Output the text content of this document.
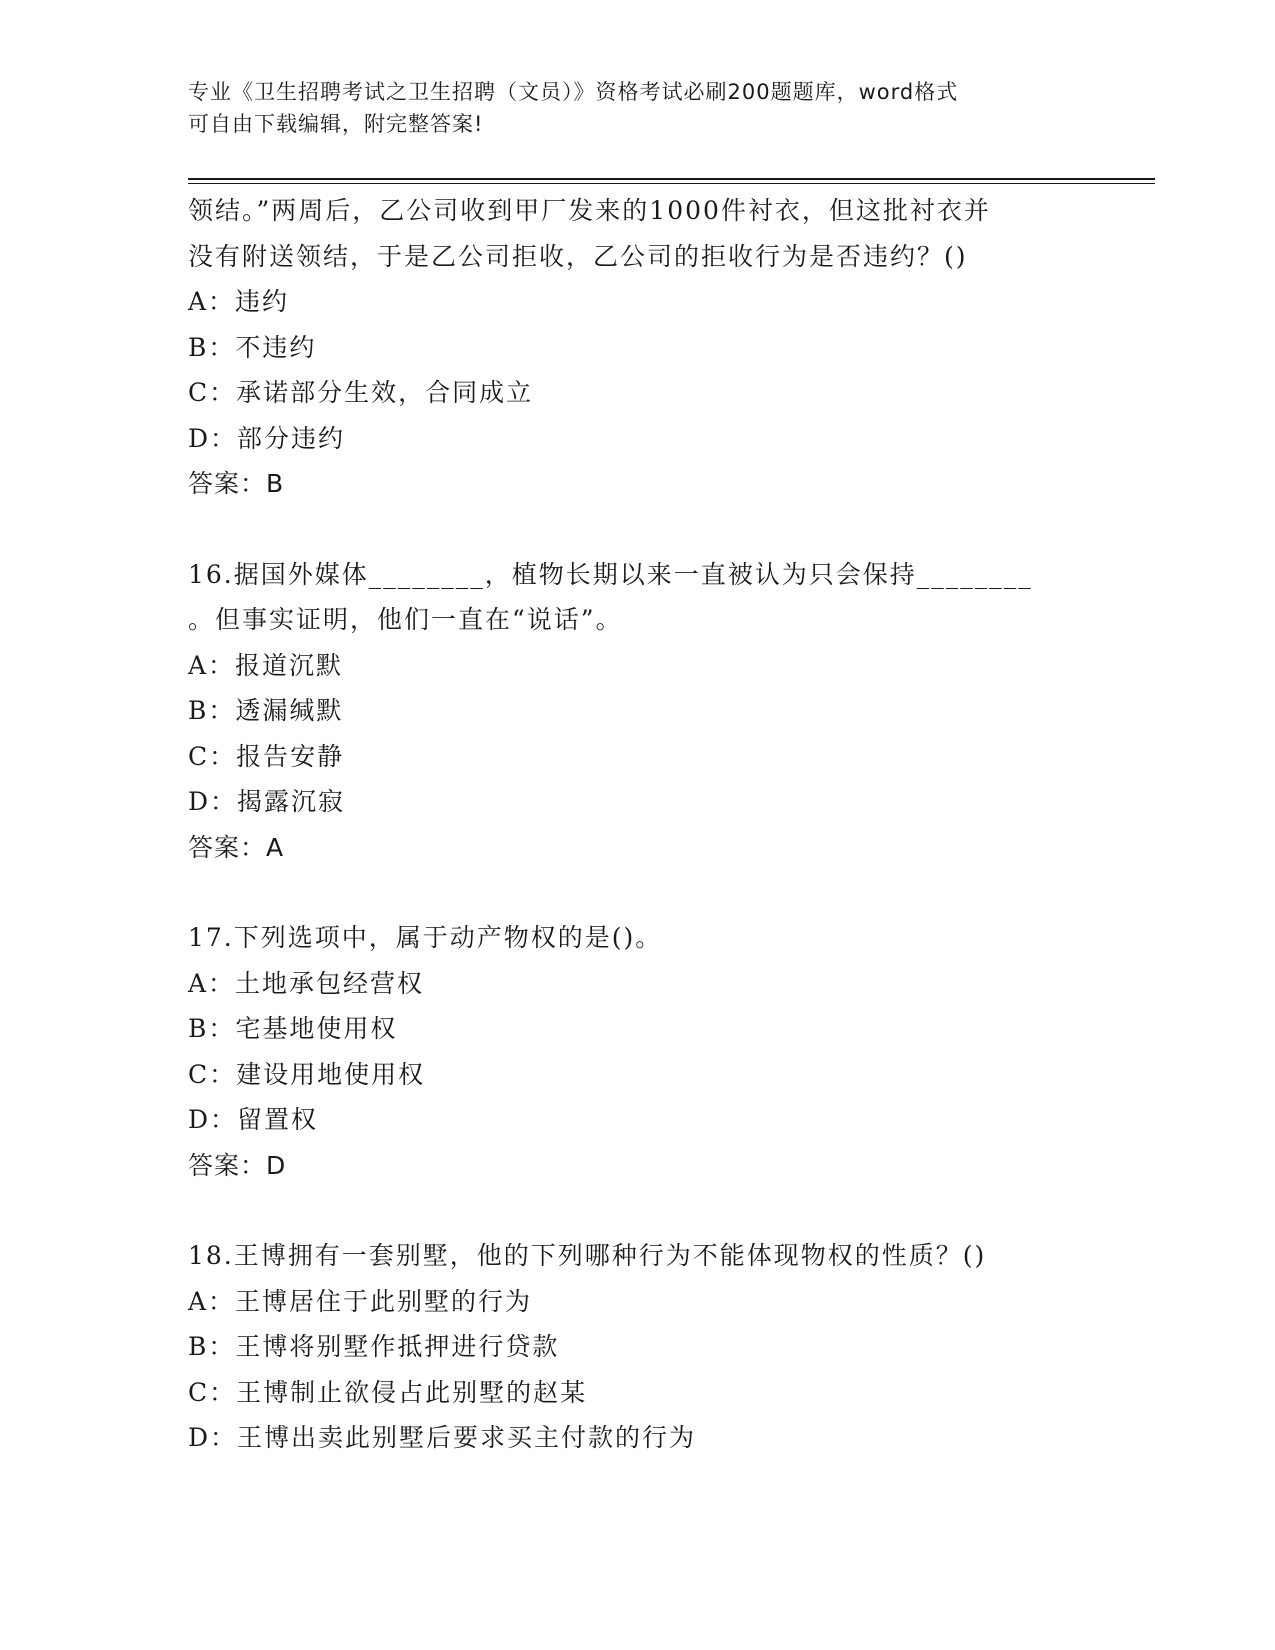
专业《卫生招聘考试之卫生招聘（文员）》资格考试必刷200题题库，word格式
可自由下载编辑，附完整答案!
领结。”两周后，乙公司收到甲厂发来的1000件衬衣，但这批衬衣并
没有附送领结，于是乙公司拒收，乙公司的拒收行为是否违约？()
A：违约
B：不违约
C：承诺部分生效，合同成立
D：部分违约
答案：B
16.据国外媒体________，植物长期以来一直被认为只会保持________
。但事实证明，他们一直在“说话”。
A：报道沉默
B：透漏缄默
C：报告安静
D：揭露沉寂
答案：A
17.下列选项中，属于动产物权的是()。
A：土地承包经营权
B：宅基地使用权
C：建设用地使用权
D：留置权
答案：D
18.王博拥有一套别墅，他的下列哪种行为不能体现物权的性质？()
A：王博居住于此别墅的行为
B：王博将别墅作抵押进行贷款
C：王博制止欲侵占此别墅的赵某
D：王博出卖此别墅后要求买主付款的行为
